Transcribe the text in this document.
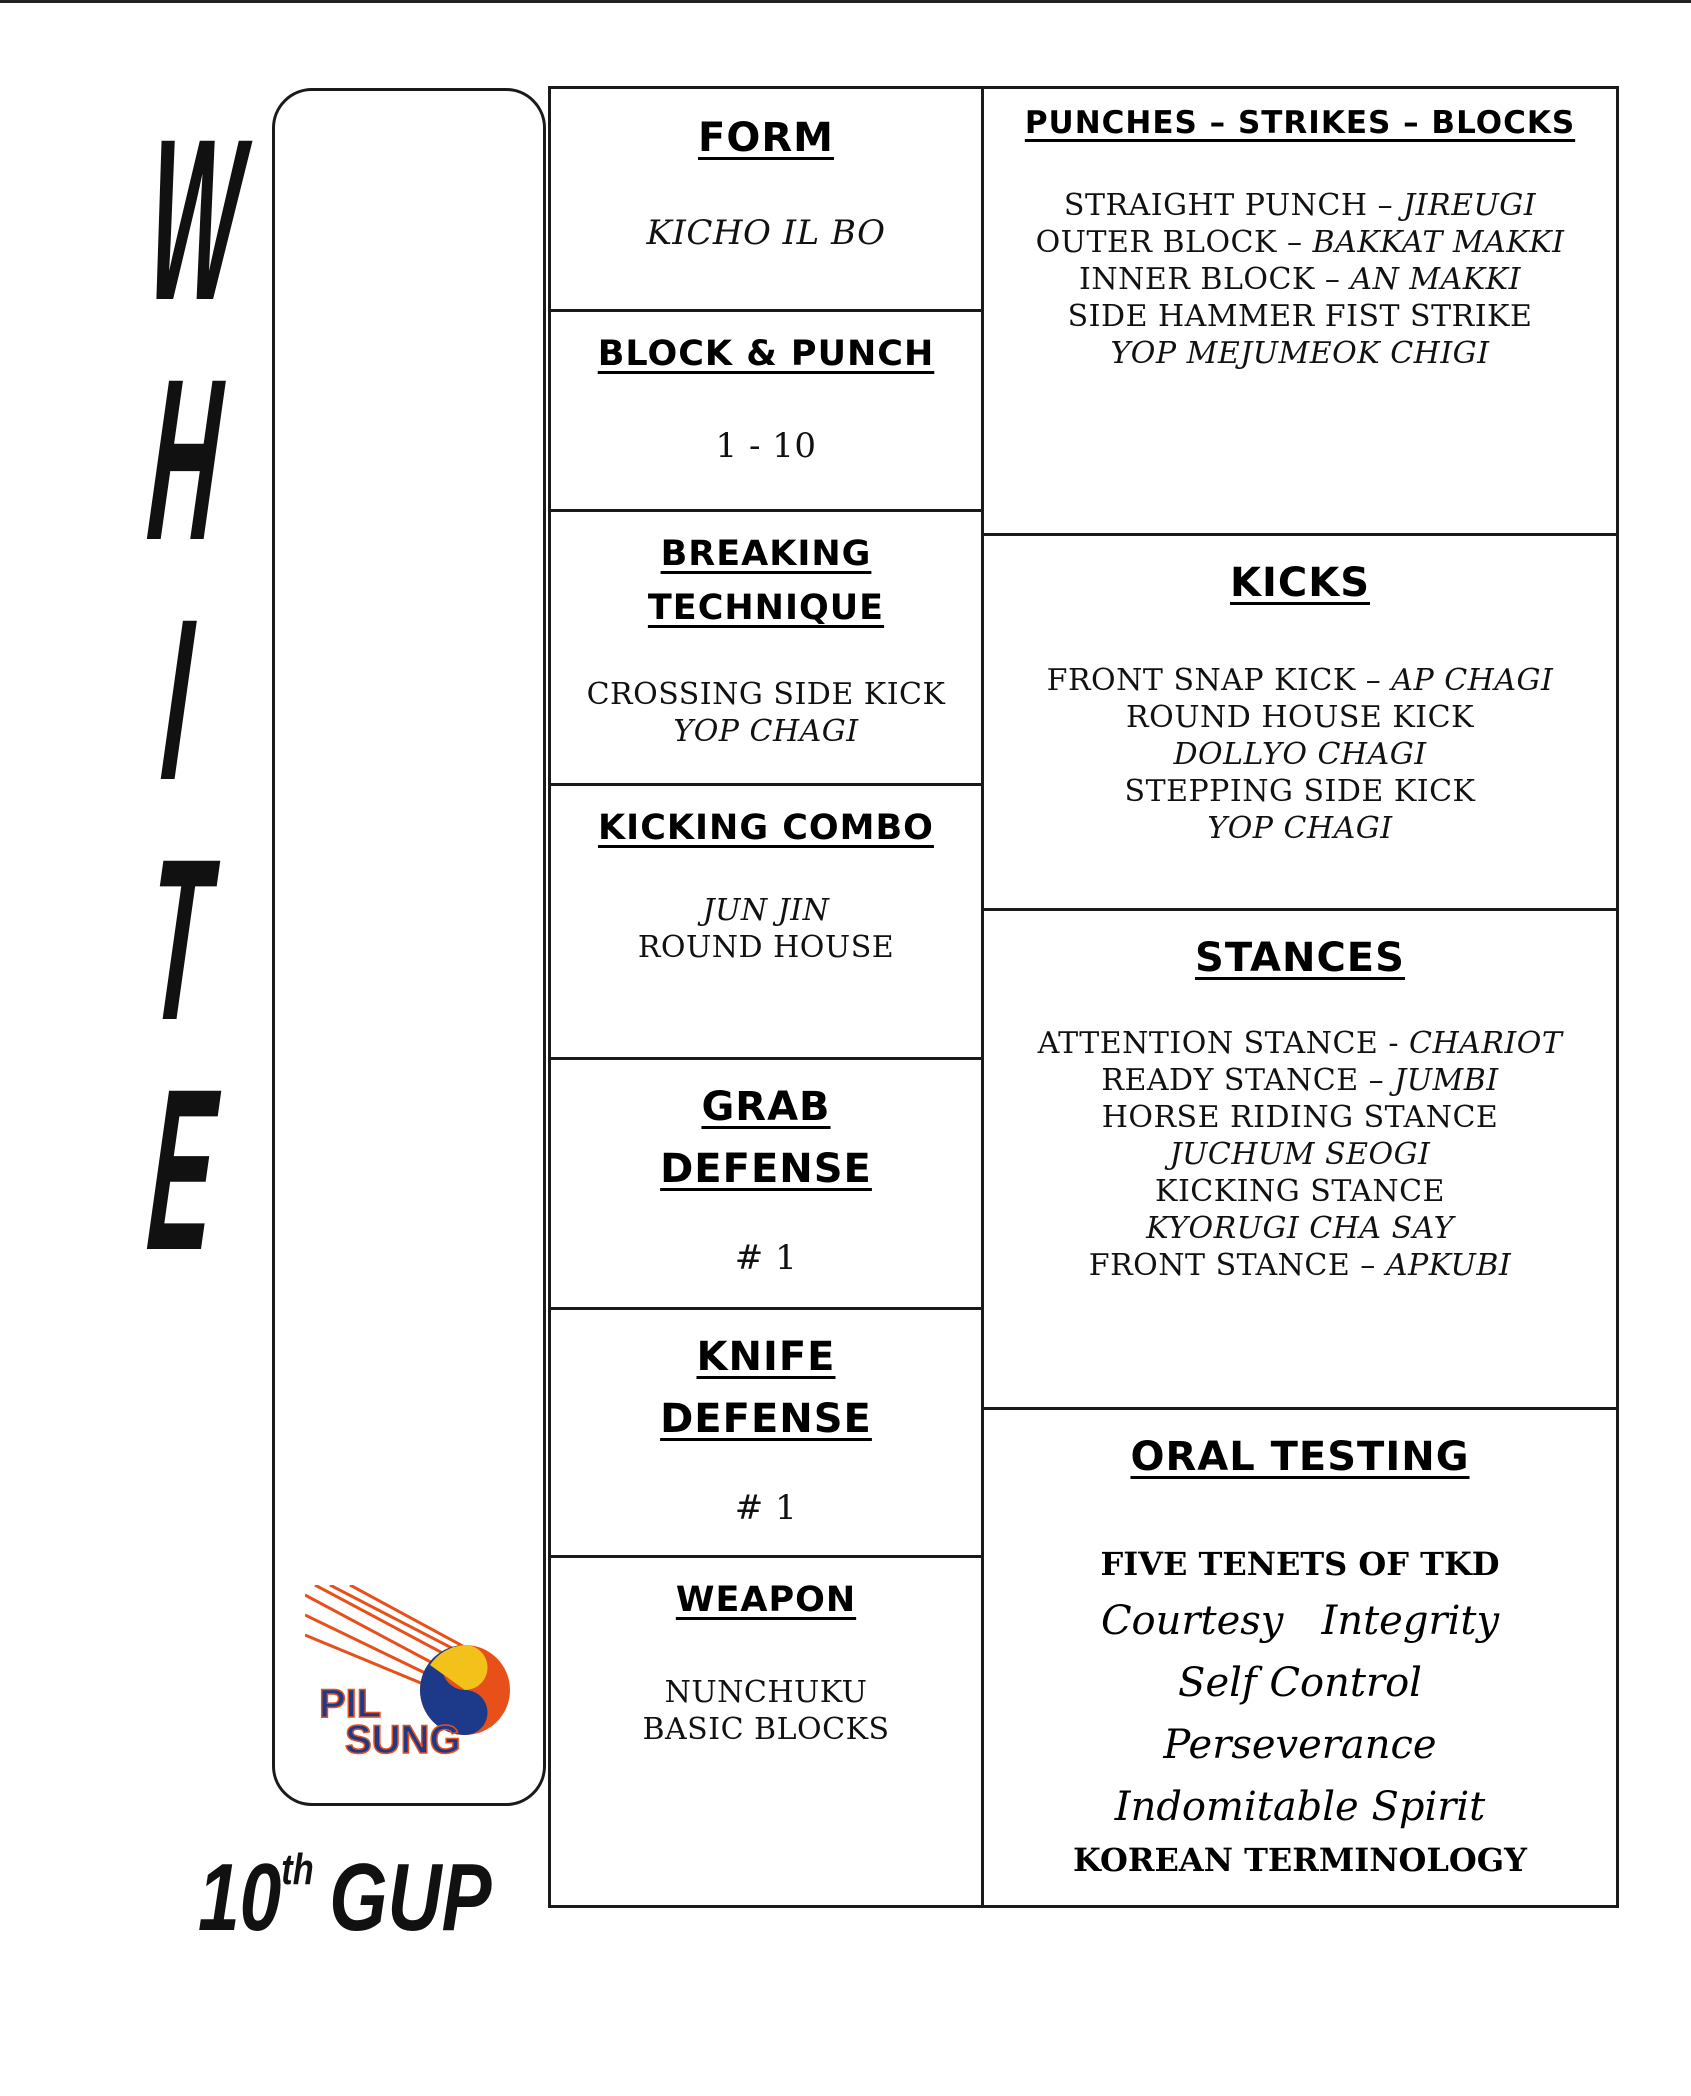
W
H
I
T
E
PIL
SUNG
10th GUP
FORM
KICHO IL BO
BLOCK & PUNCH
1 - 10
BREAKING
TECHNIQUE
CROSSING SIDE KICK
YOP CHAGI
KICKING COMBO
JUN JIN
ROUND HOUSE
GRAB
DEFENSE
# 1
KNIFE
DEFENSE
# 1
WEAPON
NUNCHUKU
BASIC BLOCKS
PUNCHES – STRIKES – BLOCKS
STRAIGHT PUNCH – JIREUGI
OUTER BLOCK – BAKKAT MAKKI
INNER BLOCK – AN MAKKI
SIDE HAMMER FIST STRIKE
YOP MEJUMEOK CHIGI
KICKS
FRONT SNAP KICK – AP CHAGI
ROUND HOUSE KICK
DOLLYO CHAGI
STEPPING SIDE KICK
YOP CHAGI
STANCES
ATTENTION STANCE - CHARIOT
READY STANCE – JUMBI
HORSE RIDING STANCE
JUCHUM SEOGI
KICKING STANCE
KYORUGI CHA SAY
FRONT STANCE – APKUBI
ORAL TESTING
FIVE TENETS OF TKD
Courtesy   Integrity
Self Control
Perseverance
Indomitable Spirit
KOREAN TERMINOLOGY
